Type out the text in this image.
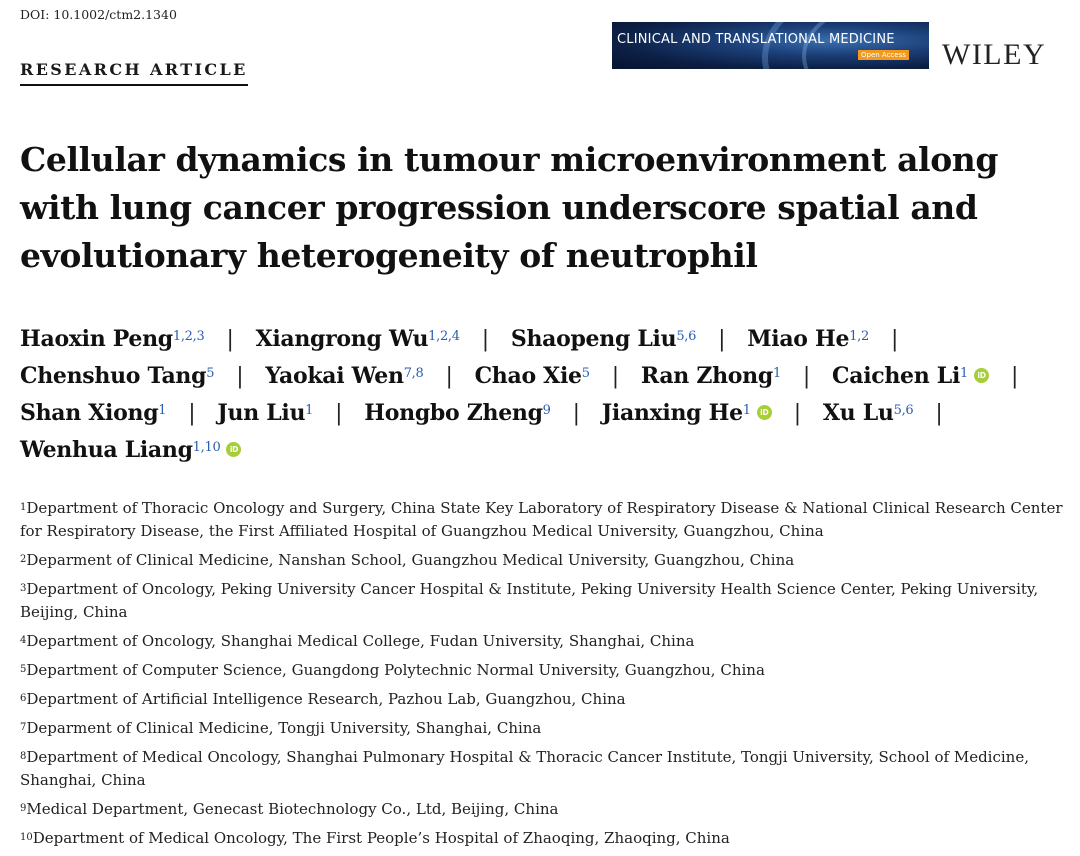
DOI: 10.1002/ctm2.1340
RESEARCH ARTICLE
CLINICAL AND TRANSLATIONAL MEDICINE
Open Access WILEY
Cellular dynamics in tumour microenvironment along with lung cancer progression underscore spatial and evolutionary heterogeneity of neutrophil
Haoxin Peng$^{1,2,3}$ | Xiangrong Wu$^{1,2,4}$ | Shaopeng Liu$^{5,6}$ | Miao He$^{1,2}$ |
Chenshuo Tang$^5$ | Yaokai Wen$^{7,8}$ | Chao Xie$^5$ | Ran Zhong$^1$ | Caichen Li$^1$ iD |
Shan Xiong$^1$ | Jun Liu$^1$ | Hongbo Zheng$^9$ | Jianxing He$^1$ iD | Xu Lu$^{5,6}$ |
Wenhua Liang$^{1,10}$ iD
$^1$Department of Thoracic Oncology and Surgery, China State Key Laboratory of Respiratory Disease & National Clinical Research Center for Respiratory Disease, the First Affiliated Hospital of Guangzhou Medical University, Guangzhou, China
$^2$Deparment of Clinical Medicine, Nanshan School, Guangzhou Medical University, Guangzhou, China
$^3$Department of Oncology, Peking University Cancer Hospital & Institute, Peking University Health Science Center, Peking University, Beijing, China
$^4$Department of Oncology, Shanghai Medical College, Fudan University, Shanghai, China
$^5$Department of Computer Science, Guangdong Polytechnic Normal University, Guangzhou, China
$^6$Department of Artificial Intelligence Research, Pazhou Lab, Guangzhou, China
$^7$Deparment of Clinical Medicine, Tongji University, Shanghai, China
$^8$Department of Medical Oncology, Shanghai Pulmonary Hospital & Thoracic Cancer Institute, Tongji University, School of Medicine, Shanghai, China
$^9$Medical Department, Genecast Biotechnology Co., Ltd, Beijing, China
$^{10}$Department of Medical Oncology, The First People’s Hospital of Zhaoqing, Zhaoqing, China
